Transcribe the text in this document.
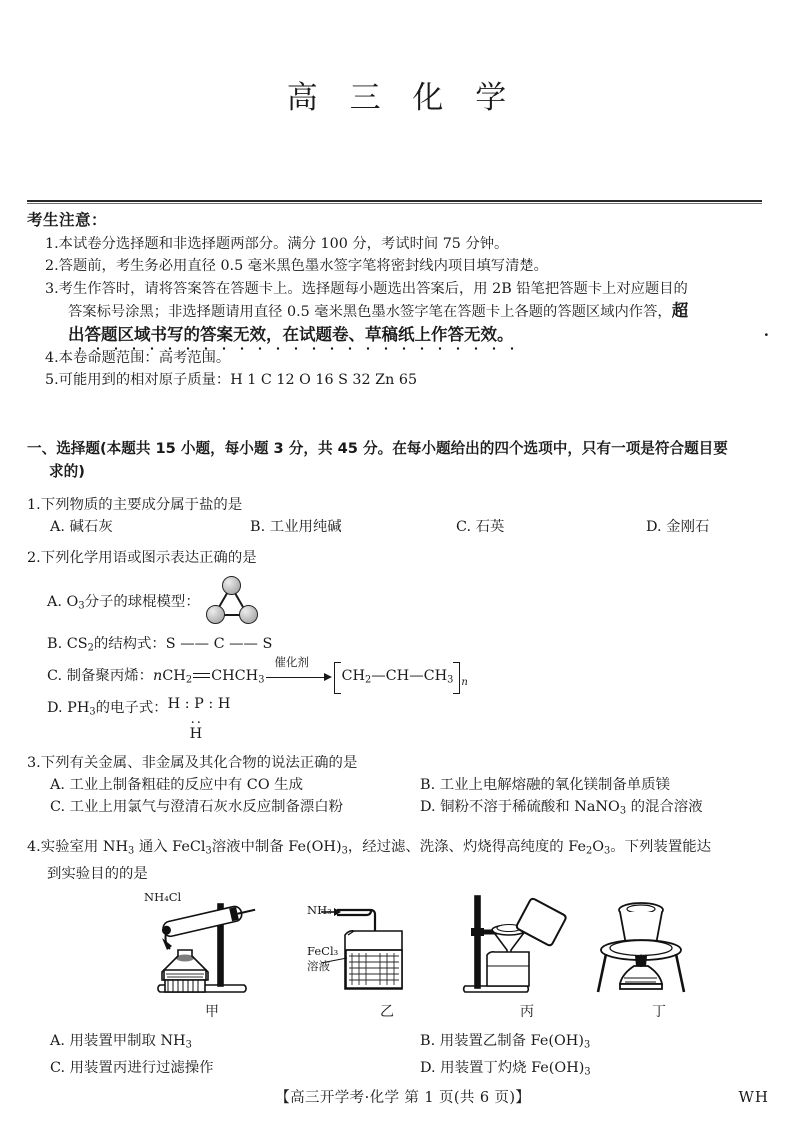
高 三 化 学
考生注意：
1.本试卷分选择题和非选择题两部分。满分 100 分，考试时间 75 分钟。
2.答题前，考生务必用直径 0.5 毫米黑色墨水签字笔将密封线内项目填写清楚。
3.考生作答时，请将答案答在答题卡上。选择题每小题选出答案后，用 2B 铅笔把答题卡上对应题目的
答案标号涂黑；非选择题请用直径 0.5 毫米黑色墨水签字笔在答题卡上各题的答题区域内作答，超
.
出答题区域书写的答案无效，在试题卷、草稿纸上作答无效。
4.本卷命题范围：高考范围。
5.可能用到的相对原子质量：H 1 C 12 O 16 S 32 Zn 65
一、选择题(本题共 15 小题，每小题 3 分，共 45 分。在每小题给出的四个选项中，只有一项是符合题目要
求的)
1.下列物质的主要成分属于盐的是
A. 碱石灰	B. 工业用纯碱	C. 石英	D. 金刚石
2.下列化学用语或图示表达正确的是
A. $O_3$分子的球棍模型：
B. $CS_2$的结构式：S —— C —— S
C. 制备聚丙烯：nCH$_2$ $CHCH_3$
催化剂
$CH_2—CH—CH_3$ $_n$
D. $PH_3$的电子式： H : P : H
..
H
3.下列有关金属、非金属及其化合物的说法正确的是
A. 工业上制备粗硅的反应中有 CO 生成	B. 工业上电解熔融的氧化镁制备单质镁
C. 工业上用氯气与澄清石灰水反应制备漂白粉	D. 铜粉不溶于稀硫酸和 NaNO$_3$ 的混合溶液
4.实验室用 $NH_3$ 通入 FeCl$_3$溶液中制备 $Fe(OH)_3$，经过滤、洗涤、灼烧得高纯度的 $Fe_2O_3$。下列装置能达
到实验目的的是
NH₄Cl
甲
NH₃
FeCl₃
溶液
乙	丙	丁
A. 用装置甲制取 $NH_3$	B. 用装置乙制备 $Fe(OH)_3$
C. 用装置丙进行过滤操作	D. 用装置丁灼烧 $Fe(OH)_3$
【高三开学考·化学 第 1 页(共 6 页)】	WH
